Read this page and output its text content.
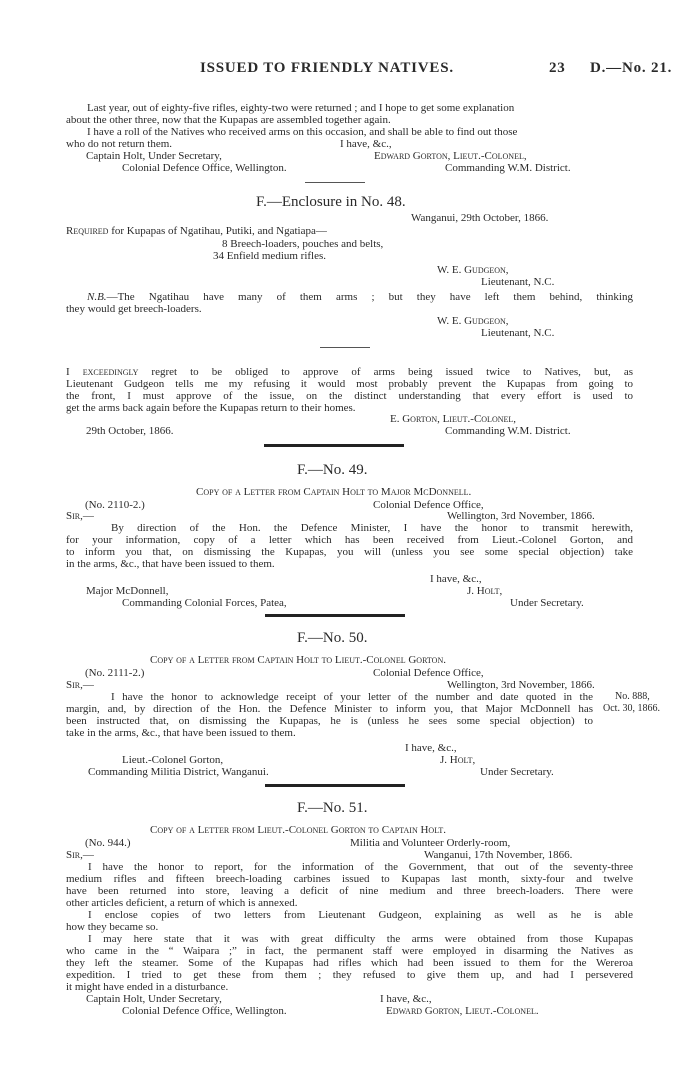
ISSUED TO FRIENDLY NATIVES.	23 D.—No. 21.
Last year, out of eighty-five rifles, eighty-two were returned ; and I hope to get some explanation
about the other three, now that the Kupapas are assembled together again.
I have a roll of the Natives who received arms on this occasion, and shall be able to find out those
who do not return them.	I have, &c.,
Captain Holt, Under Secretary,	Edward Gorton, Lieut.-Colonel,
Colonial Defence Office, Wellington.	Commanding W.M. District.
F.—Enclosure in No. 48.
Wanganui, 29th October, 1866.
Required for Kupapas of Ngatihau, Putiki, and Ngatiapa—
8 Breech-loaders, pouches and belts,
34 Enfield medium rifles.
W. E. Gudgeon,
Lieutenant, N.C.
N.B.—The Ngatihau have many of them arms ; but they have left them behind, thinking
they would get breech-loaders.
W. E. Gudgeon,
Lieutenant, N.C.
I exceedingly regret to be obliged to approve of arms being issued twice to Natives, but, as
Lieutenant Gudgeon tells me my refusing it would most probably prevent the Kupapas from going to
the front, I must approve of the issue, on the distinct understanding that every effort is used to
get the arms back again before the Kupapas return to their homes.
E. Gorton, Lieut.-Colonel,
29th October, 1866.	Commanding W.M. District.
F.—No. 49.
Copy of a Letter from Captain Holt to Major McDonnell.
(No. 2110-2.)	Colonial Defence Office,
Sir,—	Wellington, 3rd November, 1866.
By direction of the Hon. the Defence Minister, I have the honor to transmit herewith,
for your information, copy of a letter which has been received from Lieut.-Colonel Gorton, and
to inform you that, on dismissing the Kupapas, you will (unless you see some special objection) take
in the arms, &c., that have been issued to them.
I have, &c.,
Major McDonnell,	J. Holt,
Commanding Colonial Forces, Patea,	Under Secretary.
F.—No. 50.
Copy of a Letter from Captain Holt to Lieut.-Colonel Gorton.
(No. 2111-2.)	Colonial Defence Office,
Sir,—	Wellington, 3rd November, 1866.
I have the honor to acknowledge receipt of your letter of the number and date quoted in the
margin, and, by direction of the Hon. the Defence Minister to inform you, that Major McDonnell has
been instructed that, on dismissing the Kupapas, he is (unless he sees some special objection) to
take in the arms, &c., that have been issued to them.
No. 888,
Oct. 30, 1866.
I have, &c.,
Lieut.-Colonel Gorton,	J. Holt,
Commanding Militia District, Wanganui.	Under Secretary.
F.—No. 51.
Copy of a Letter from Lieut.-Colonel Gorton to Captain Holt.
(No. 944.)	Militia and Volunteer Orderly-room,
Sir,—	Wanganui, 17th November, 1866.
I have the honor to report, for the information of the Government, that out of the seventy-three
medium rifles and fifteen breech-loading carbines issued to Kupapas last month, sixty-four and twelve
have been returned into store, leaving a deficit of nine medium and three breech-loaders. There were
other articles deficient, a return of which is annexed.
I enclose copies of two letters from Lieutenant Gudgeon, explaining as well as he is able
how they became so.
I may here state that it was with great difficulty the arms were obtained from those Kupapas
who came in the “ Waipara ;” in fact, the permanent staff were employed in disarming the Natives as
they left the steamer. Some of the Kupapas had rifles which had been issued to them for the Wereroa
expedition. I tried to get these from them ; they refused to give them up, and had I persevered
it might have ended in a disturbance.
Captain Holt, Under Secretary,	I have, &c.,
Colonial Defence Office, Wellington.	Edward Gorton, Lieut.-Colonel.
